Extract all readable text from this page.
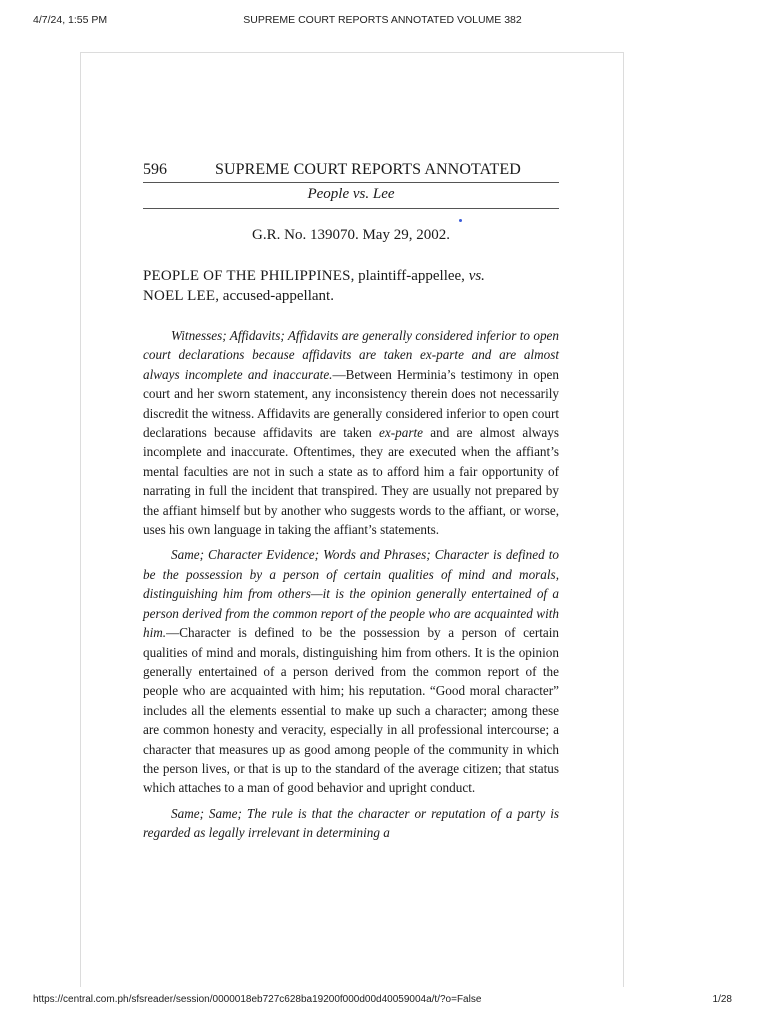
4/7/24, 1:55 PM	SUPREME COURT REPORTS ANNOTATED VOLUME 382
596	SUPREME COURT REPORTS ANNOTATED
People vs. Lee
G.R. No. 139070. May 29, 2002.
PEOPLE OF THE PHILIPPINES, plaintiff-appellee, vs.
NOEL LEE, accused-appellant.

Witnesses; Affidavits; Affidavits are generally considered inferior to open court declarations because affidavits are taken ex-parte and are almost always incomplete and inaccurate.—Between Herminia’s testimony in open court and her sworn statement, any inconsistency therein does not necessarily discredit the witness. Affidavits are generally considered inferior to open court declarations because affidavits are taken ex-parte and are almost always incomplete and inaccurate. Oftentimes, they are executed when the affiant’s mental faculties are not in such a state as to afford him a fair opportunity of narrating in full the incident that transpired. They are usually not prepared by the affiant himself but by another who suggests words to the affiant, or worse, uses his own language in taking the affiant’s statements.

Same; Character Evidence; Words and Phrases; Character is defined to be the possession by a person of certain qualities of mind and morals, distinguishing him from others—it is the opinion generally entertained of a person derived from the common report of the people who are acquainted with him.—Character is defined to be the possession by a person of certain qualities of mind and morals, distinguishing him from others. It is the opinion generally entertained of a person derived from the common report of the people who are acquainted with him; his reputation. “Good moral character” includes all the elements essential to make up such a character; among these are common honesty and veracity, especially in all professional intercourse; a character that measures up as good among people of the community in which the person lives, or that is up to the standard of the average citizen; that status which attaches to a man of good behavior and upright conduct.

Same; Same; The rule is that the character or reputation of a party is regarded as legally irrelevant in determining a

https://central.com.ph/sfsreader/session/0000018eb727c628ba19200f000d00d40059004a/t/?o=False	1/28
